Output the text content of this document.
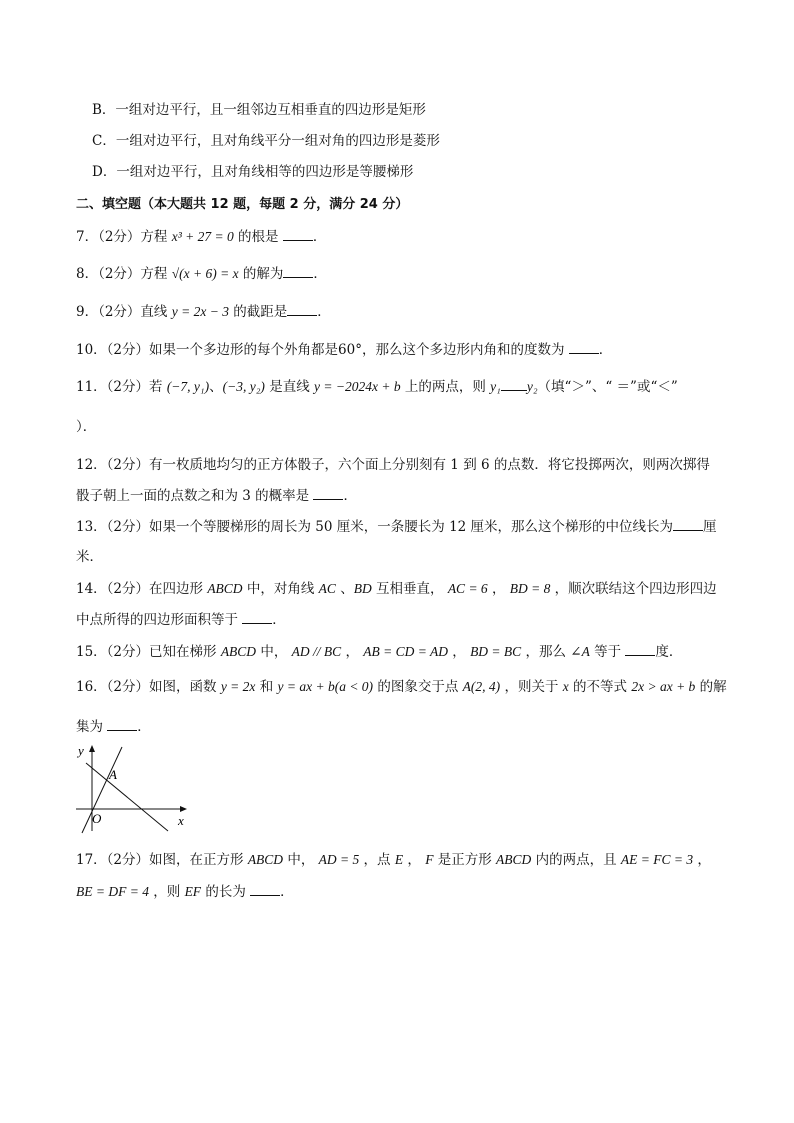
B．一组对边平行，且一组邻边互相垂直的四边形是矩形
C．一组对边平行，且对角线平分一组对角的四边形是菱形
D．一组对边平行，且对角线相等的四边形是等腰梯形
二、填空题（本大题共 12 题，每题 2 分，满分 24 分）
7．（2分）方程 x³ + 27 = 0 的根是 ．
8．（2分）方程 √(x + 6) = x 的解为 ．
9．（2分）直线 y = 2x − 3 的截距是 ．
10．（2分）如果一个多边形的每个外角都是60°，那么这个多边形内角和的度数为 ．
11．（2分）若 (−7, y₁)、(−3, y₂) 是直线 y = −2024x + b 上的两点，则 y₁ y₂（填“＞”、“ ＝”或“＜”
）．
12．（2分）有一枚质地均匀的正方体骰子，六个面上分别刻有 1 到 6 的点数．将它投掷两次，则两次掷得
骰子朝上一面的点数之和为 3 的概率是 ．
13．（2分）如果一个等腰梯形的周长为 50 厘米，一条腰长为 12 厘米，那么这个梯形的中位线长为 厘
米．
14．（2分）在四边形 ABCD 中，对角线 AC 、BD 互相垂直， AC = 6 ， BD = 8 ，顺次联结这个四边形四边
中点所得的四边形面积等于 ．
15．（2分）已知在梯形 ABCD 中， AD // BC ， AB = CD = AD ， BD = BC ，那么 ∠A 等于 度．
16．（2分）如图，函数 y = 2x 和 y = ax + b(a < 0) 的图象交于点 A(2, 4) ，则关于 x 的不等式 2x > ax + b 的解
集为 ．
y
x
O
A
17．（2分）如图，在正方形 ABCD 中， AD = 5 ，点 E ， F 是正方形 ABCD 内的两点，且 AE = FC = 3 ，
BE = DF = 4 ，则 EF 的长为 ．
